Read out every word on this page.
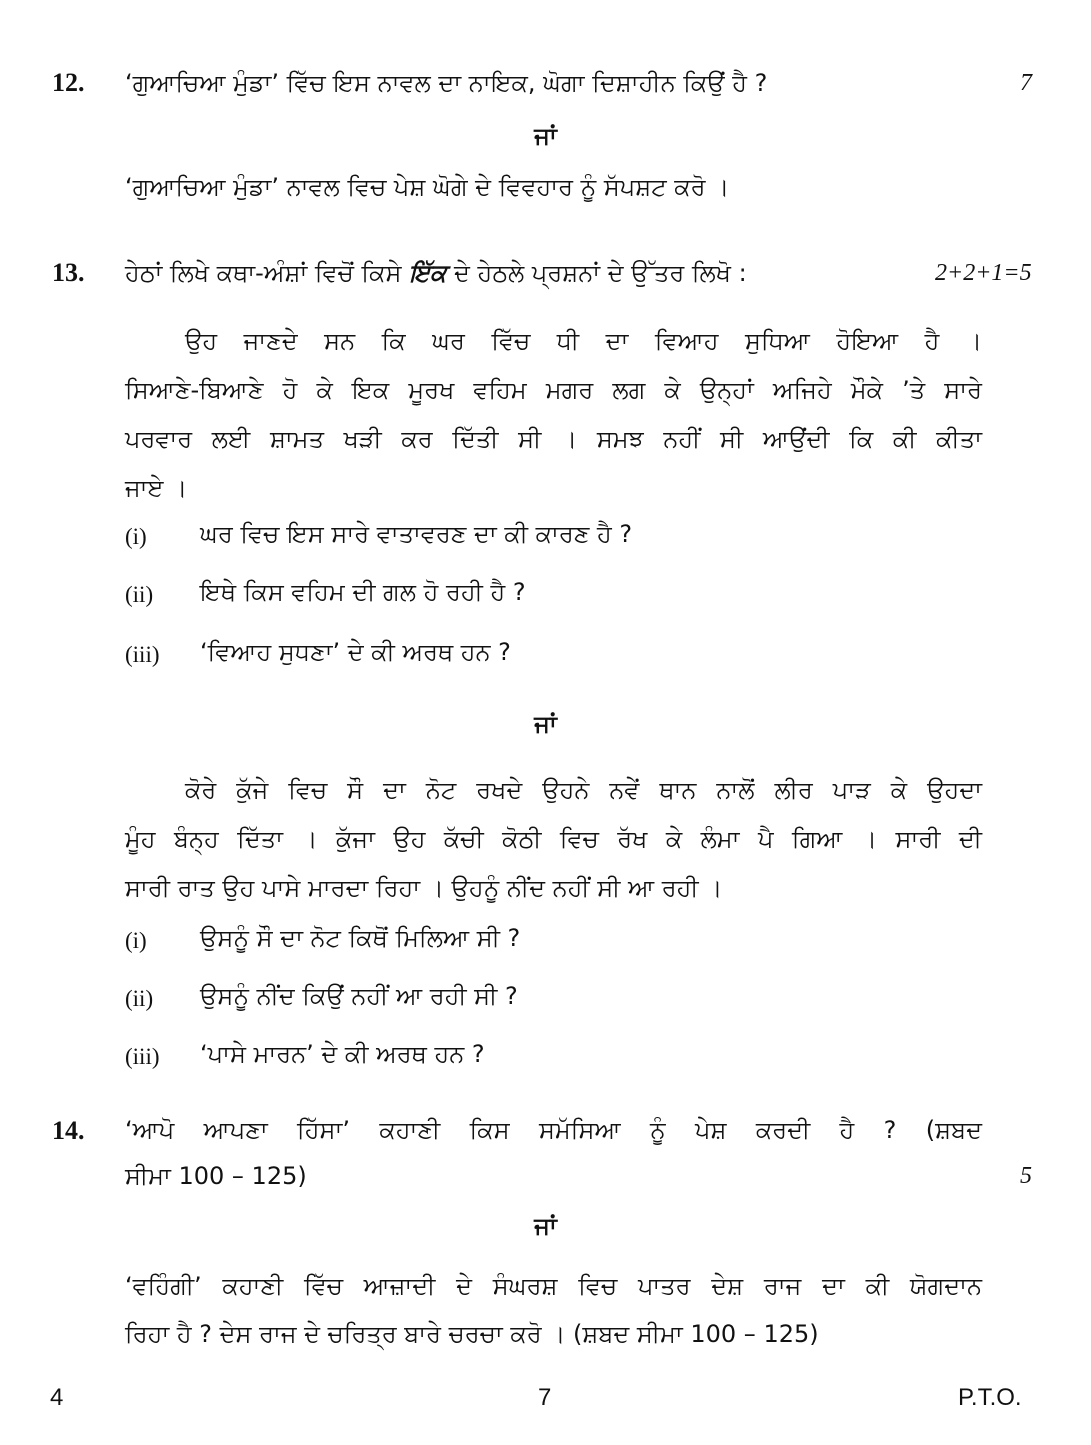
12. ‘ਗੁਆਚਿਆ ਮੁੰਡਾ’ ਵਿੱਚ ਇਸ ਨਾਵਲ ਦਾ ਨਾਇਕ, ਘੋਗਾ ਦਿਸ਼ਾਹੀਨ ਕਿਉਂ ਹੈ ?	7
ਜਾਂ
‘ਗੁਆਚਿਆ ਮੁੰਡਾ’ ਨਾਵਲ ਵਿਚ ਪੇਸ਼ ਘੋਗੇ ਦੇ ਵਿਵਹਾਰ ਨੂੰ ਸੱਪਸ਼ਟ ਕਰੋ ।
13. ਹੇਠਾਂ ਲਿਖੇ ਕਥਾ-ਅੰਸ਼ਾਂ ਵਿਚੋਂ ਕਿਸੇ ਇੱਕ ਦੇ ਹੇਠਲੇ ਪ੍ਰਸ਼ਨਾਂ ਦੇ ਉੱਤਰ ਲਿਖੋ :	2+2+1=5
ਉਹ ਜਾਣਦੇ ਸਨ ਕਿ ਘਰ ਵਿੱਚ ਧੀ ਦਾ ਵਿਆਹ ਸੁਧਿਆ ਹੋਇਆ ਹੈ ।
ਸਿਆਣੇ-ਬਿਆਣੇ ਹੋ ਕੇ ਇਕ ਮੂਰਖ ਵਹਿਮ ਮਗਰ ਲਗ ਕੇ ਉਨ੍ਹਾਂ ਅਜਿਹੇ ਮੌਕੇ ’ਤੇ ਸਾਰੇ
ਪਰਵਾਰ ਲਈ ਸ਼ਾਮਤ ਖੜੀ ਕਰ ਦਿੱਤੀ ਸੀ । ਸਮਝ ਨਹੀਂ ਸੀ ਆਉਂਦੀ ਕਿ ਕੀ ਕੀਤਾ
ਜਾਏ ।
(i) ਘਰ ਵਿਚ ਇਸ ਸਾਰੇ ਵਾਤਾਵਰਣ ਦਾ ਕੀ ਕਾਰਣ ਹੈ ?
(ii) ਇਥੇ ਕਿਸ ਵਹਿਮ ਦੀ ਗਲ ਹੋ ਰਹੀ ਹੈ ?
(iii) ‘ਵਿਆਹ ਸੁਧਣਾ’ ਦੇ ਕੀ ਅਰਥ ਹਨ ?
ਜਾਂ
ਕੋਰੇ ਕੁੱਜੇ ਵਿਚ ਸੌ ਦਾ ਨੋਟ ਰਖਦੇ ਉਹਨੇ ਨਵੇਂ ਥਾਨ ਨਾਲੋਂ ਲੀਰ ਪਾੜ ਕੇ ਉਹਦਾ
ਮੂੰਹ ਬੰਨ੍ਹ ਦਿੱਤਾ । ਕੁੱਜਾ ਉਹ ਕੱਚੀ ਕੋਠੀ ਵਿਚ ਰੱਖ ਕੇ ਲੰਮਾ ਪੈ ਗਿਆ । ਸਾਰੀ ਦੀ
ਸਾਰੀ ਰਾਤ ਉਹ ਪਾਸੇ ਮਾਰਦਾ ਰਿਹਾ । ਉਹਨੂੰ ਨੀਂਦ ਨਹੀਂ ਸੀ ਆ ਰਹੀ ।
(i) ਉਸਨੂੰ ਸੌ ਦਾ ਨੋਟ ਕਿਥੋਂ ਮਿਲਿਆ ਸੀ ?
(ii) ਉਸਨੂੰ ਨੀਂਦ ਕਿਉਂ ਨਹੀਂ ਆ ਰਹੀ ਸੀ ?
(iii) ‘ਪਾਸੇ ਮਾਰਨ’ ਦੇ ਕੀ ਅਰਥ ਹਨ ?
14. ‘ਆਪੋ ਆਪਣਾ ਹਿੱਸਾ’ ਕਹਾਣੀ ਕਿਸ ਸਮੱਸਿਆ ਨੂੰ ਪੇਸ਼ ਕਰਦੀ ਹੈ ? (ਸ਼ਬਦ
ਸੀਮਾ 100 – 125)	5
ਜਾਂ
‘ਵਹਿੰਗੀ’ ਕਹਾਣੀ ਵਿੱਚ ਆਜ਼ਾਦੀ ਦੇ ਸੰਘਰਸ਼ ਵਿਚ ਪਾਤਰ ਦੇਸ਼ ਰਾਜ ਦਾ ਕੀ ਯੋਗਦਾਨ
ਰਿਹਾ ਹੈ ? ਦੇਸ ਰਾਜ ਦੇ ਚਰਿਤ੍ਰ ਬਾਰੇ ਚਰਚਾ ਕਰੋ । (ਸ਼ਬਦ ਸੀਮਾ 100 – 125)
4	7	P.T.O.
